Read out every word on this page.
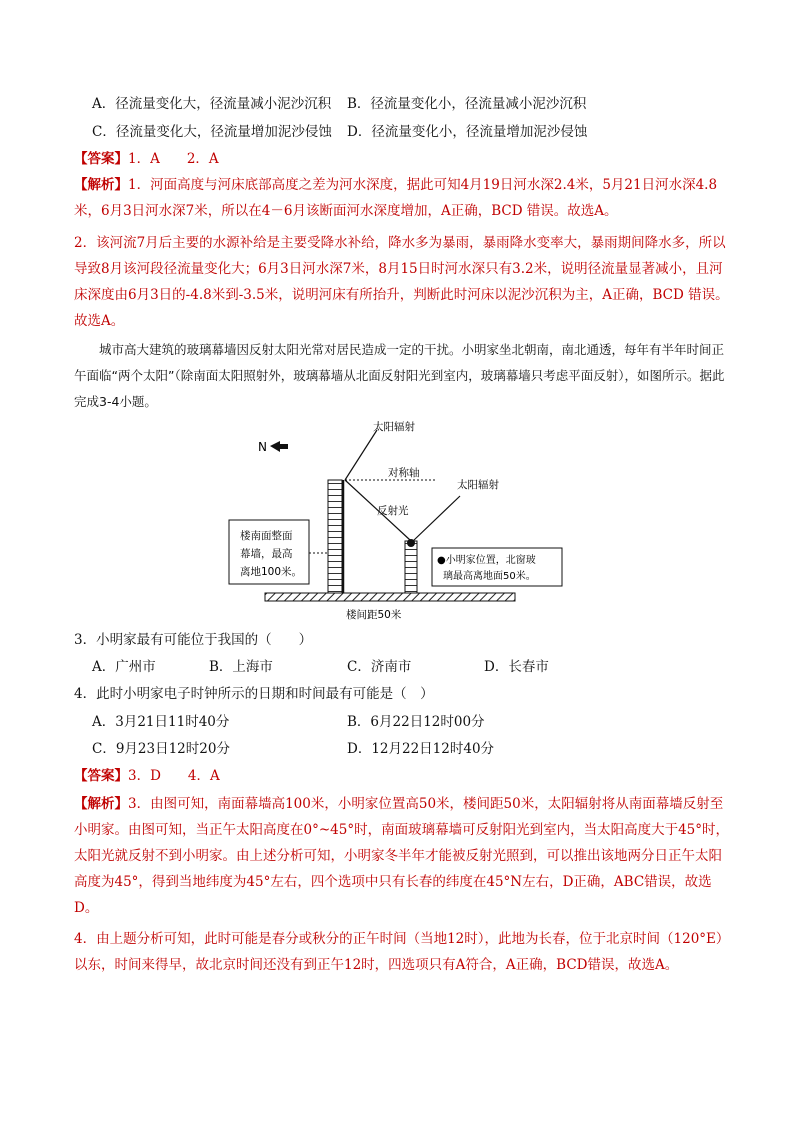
A．径流量变化大，径流量减小泥沙沉积 B．径流量变化小，径流量减小泥沙沉积
C．径流量变化大，径流量增加泥沙侵蚀 D．径流量变化小，径流量增加泥沙侵蚀
【答案】1．A　　2．A
【解析】1．河面高度与河床底部高度之差为河水深度，据此可知4月19日河水深2.4米，5月21日河水深4.8米，6月3日河水深7米，所以在4－6月该断面河水深度增加，A正确，BCD 错误。故选A。
2．该河流7月后主要的水源补给是主要受降水补给，降水多为暴雨，暴雨降水变率大，暴雨期间降水多，所以导致8月该河段径流量变化大；6月3日河水深7米，8月15日时河水深只有3.2米，说明径流量显著减小，且河床深度由6月3日的-4.8米到-3.5米，说明河床有所抬升，判断此时河床以泥沙沉积为主，A正确，BCD 错误。故选A。
城市高大建筑的玻璃幕墙因反射太阳光常对居民造成一定的干扰。小明家坐北朝南，南北通透，每年有半年时间正午面临“两个太阳”（除南面太阳照射外，玻璃幕墙从北面反射阳光到室内，玻璃幕墙只考虑平面反射），如图所示。据此完成3-4小题。
N
太阳辐射
对称轴
反射光
太阳辐射
楼南面整面
幕墙，最高
离地100米。
●小明家位置，北窗玻
璃最高离地面50米。
楼间距50米
3．小明家最有可能位于我国的（　　）
A．广州市	B．上海市	C．济南市	D．长春市
4．此时小明家电子时钟所示的日期和时间最有可能是（　）
A．3月21日11时40分	B．6月22日12时00分
C．9月23日12时20分	D．12月22日12时40分
【答案】3．D　　4．A
【解析】3．由图可知，南面幕墙高100米，小明家位置高50米，楼间距50米，太阳辐射将从南面幕墙反射至小明家。由图可知，当正午太阳高度在0°~45°时，南面玻璃幕墙可反射阳光到室内，当太阳高度大于45°时，太阳光就反射不到小明家。由上述分析可知，小明家冬半年才能被反射光照到，可以推出该地两分日正午太阳高度为45°，得到当地纬度为45°左右，四个选项中只有长春的纬度在45°N左右，D正确，ABC错误，故选D。
4．由上题分析可知，此时可能是春分或秋分的正午时间（当地12时），此地为长春，位于北京时间（120°E）以东，时间来得早，故北京时间还没有到正午12时，四选项只有A符合，A正确，BCD错误，故选A。
